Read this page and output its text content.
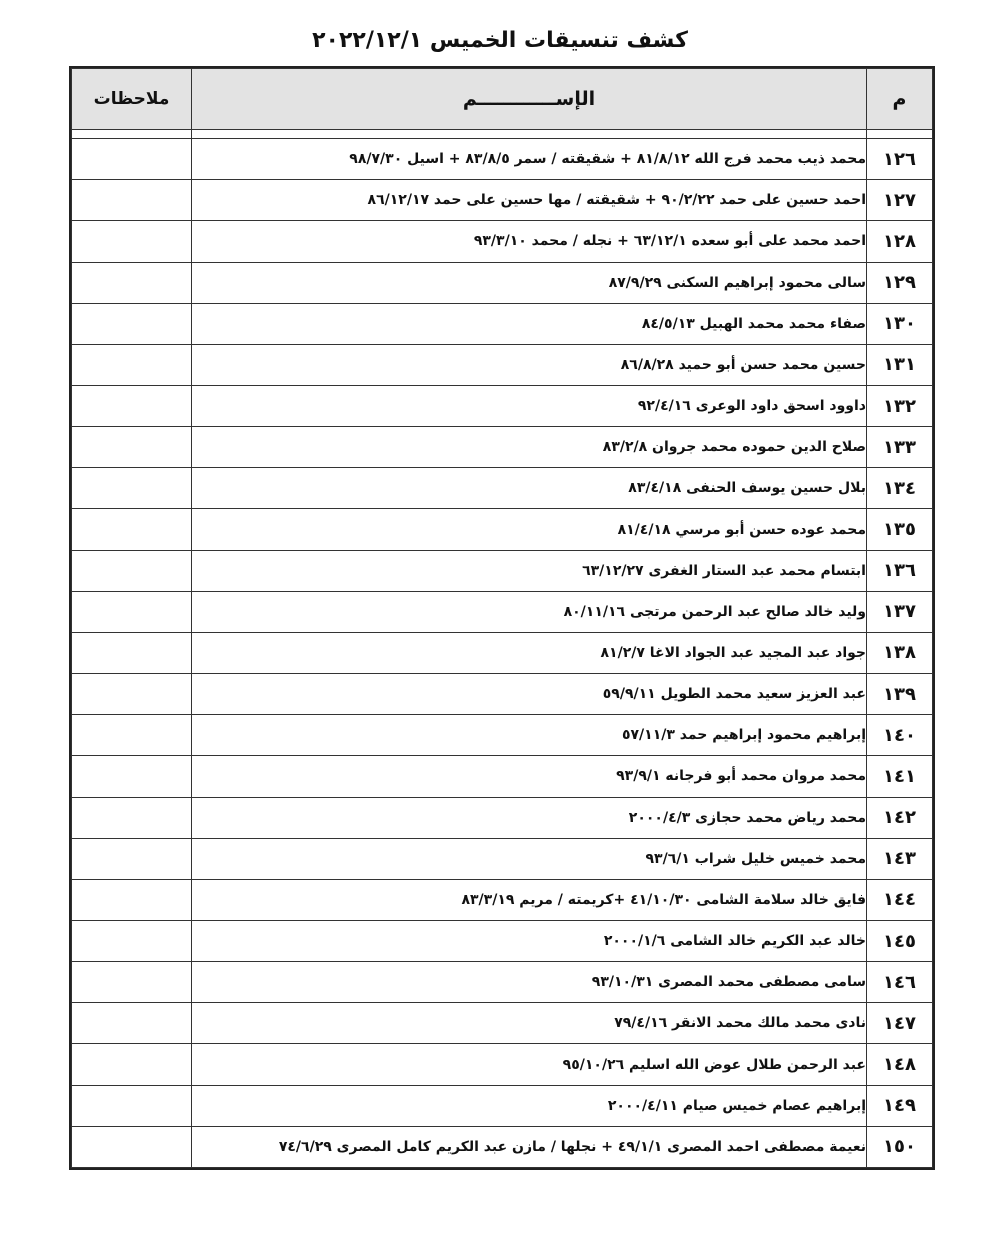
كشف تنسيقات الخميس ٢٠٢٢/١٢/١
م	الإســــــــــــم	ملاحظات

١٢٦	محمد ذيب محمد فرج الله ٨١/٨/١٢ + شقيقته / سمر ٨٣/٨/٥ + اسيل ٩٨/٧/٣٠	
١٢٧	احمد حسين على حمد ٩٠/٢/٢٢ + شقيقته / مها حسين على حمد ٨٦/١٢/١٧	
١٢٨	احمد محمد على أبو سعده ٦٣/١٢/١ + نجله / محمد ٩٣/٣/١٠	
١٢٩	سالى محمود إبراهيم السكنى ٨٧/٩/٢٩	
١٣٠	صفاء محمد محمد الهبيل ٨٤/٥/١٣	
١٣١	حسين محمد حسن أبو حميد ٨٦/٨/٢٨	
١٣٢	داوود اسحق داود الوعرى ٩٢/٤/١٦	
١٣٣	صلاح الدين حموده محمد جروان ٨٣/٢/٨	
١٣٤	بلال حسين يوسف الحنفى ٨٣/٤/١٨	
١٣٥	محمد عوده حسن أبو مرسي ٨١/٤/١٨	
١٣٦	ابتسام محمد عبد الستار الغفرى ٦٣/١٢/٢٧	
١٣٧	وليد خالد صالح عبد الرحمن مرتجى ٨٠/١١/١٦	
١٣٨	جواد عبد المجيد عبد الجواد الاغا ٨١/٢/٧	
١٣٩	عبد العزيز سعيد محمد الطويل ٥٩/٩/١١	
١٤٠	إبراهيم محمود إبراهيم حمد ٥٧/١١/٣	
١٤١	محمد مروان محمد أبو فرجانه ٩٣/٩/١	
١٤٢	محمد رياض محمد حجازى ٢٠٠٠/٤/٣	
١٤٣	محمد خميس خليل شراب ٩٣/٦/١	
١٤٤	فايق خالد سلامة الشامى ٤١/١٠/٣٠ +كريمته / مريم ٨٣/٣/١٩	
١٤٥	خالد عبد الكريم خالد الشامى ٢٠٠٠/١/٦	
١٤٦	سامى مصطفى محمد المصرى ٩٣/١٠/٣١	
١٤٧	نادى محمد مالك محمد الانقر ٧٩/٤/١٦	
١٤٨	عبد الرحمن طلال عوض الله اسليم ٩٥/١٠/٢٦	
١٤٩	إبراهيم عصام خميس صيام ٢٠٠٠/٤/١١	
١٥٠	نعيمة مصطفى احمد المصرى ٤٩/١/١ + نجلها / مازن عبد الكريم كامل المصرى ٧٤/٦/٢٩	
